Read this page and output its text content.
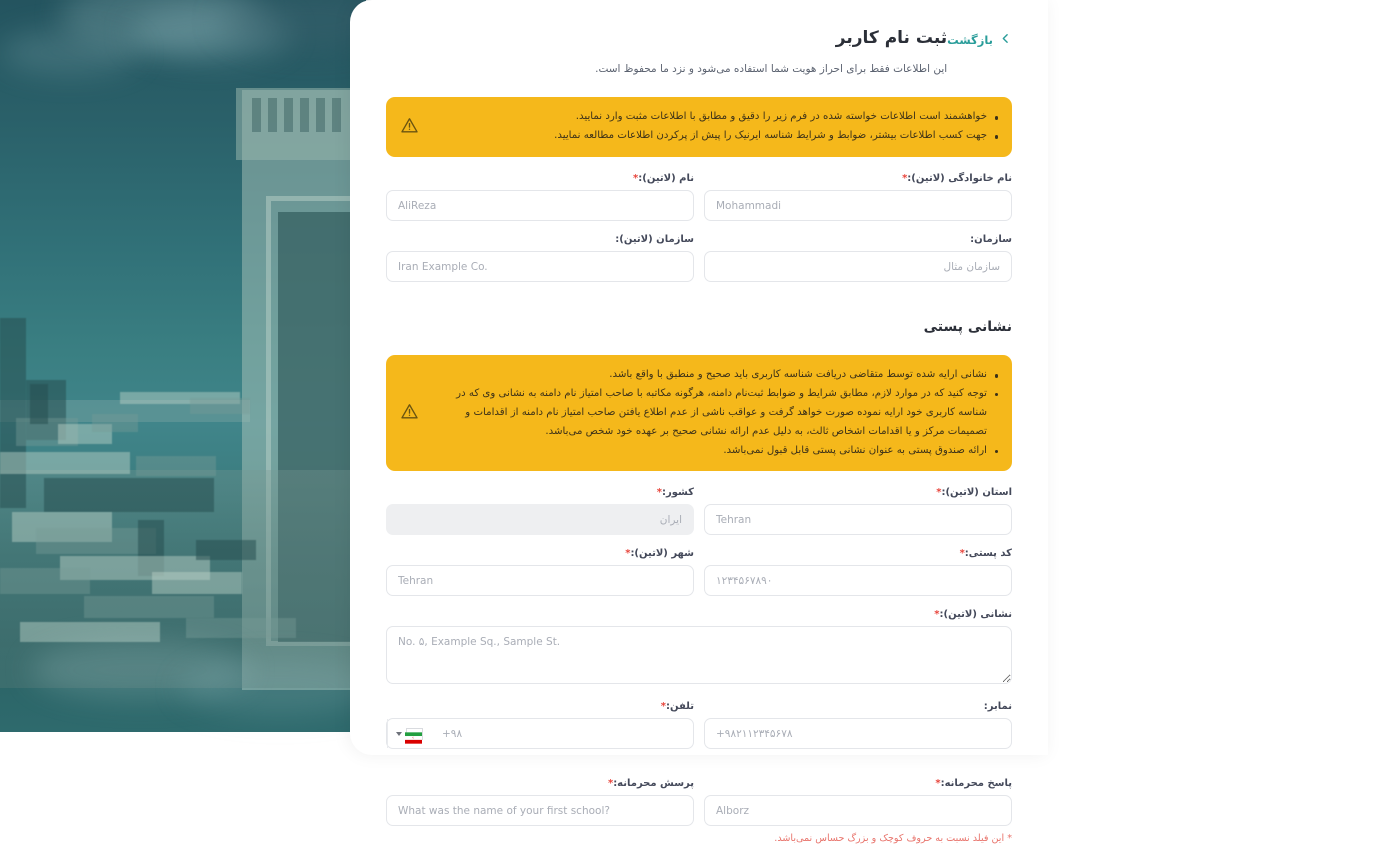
بازگشت
ثبت نام کاربر
این اطلاعات فقط برای احراز هویت شما استفاده می‌شود و نزد ما محفوظ است.
خواهشمند است اطلاعات خواسته شده در فرم زیر را دقیق و مطابق با اطلاعات مثبت وارد نمایید.
جهت کسب اطلاعات بیشتر، ضوابط و شرایط شناسه ایرنیک را پیش از پرکردن اطلاعات مطالعه نمایید.
نام خانوادگی (لاتین):*
Mohammadi
نام (لاتین):*
AliReza
سازمان:
سازمان مثال
سازمان (لاتین):
Iran Example Co.
نشانی پستی
نشانی ارایه شده توسط متقاضی دریافت شناسه کاربری باید صحیح و منطبق با واقع باشد.
توجه کنید که در موارد لازم، مطابق شرایط و ضوابط ثبت‌نام دامنه، هرگونه مکاتبه با صاحب امتیاز نام دامنه به نشانی وی که در شناسه کاربری خود ارایه نموده صورت خواهد گرفت و عواقب ناشی از عدم اطلاع یافتن صاحب امتیاز نام دامنه از اقدامات و تصمیمات مرکز و یا اقدامات اشخاص ثالث، به دلیل عدم ارائه نشانی صحیح بر عهده خود شخص می‌باشد.
ارائه صندوق پستی به عنوان نشانی پستی قابل قبول نمی‌باشد.
استان (لاتین):*
Tehran
کشور:*
ایران
کد پستی:*
۱۲۳۴۵۶۷۸۹۰
شهر (لاتین):*
Tehran
نشانی (لاتین):*
No. ۵, Example Sq., Sample St.
نمابر:
+۹۸۲۱۱۲۳۴۵۶۷۸
تلفن:*
+۹۸
پاسخ محرمانه:*
Alborz
پرسش محرمانه:*
What was the name of your first school?
* این فیلد نسبت به حروف کوچک و بزرگ حساس نمی‌باشد.
